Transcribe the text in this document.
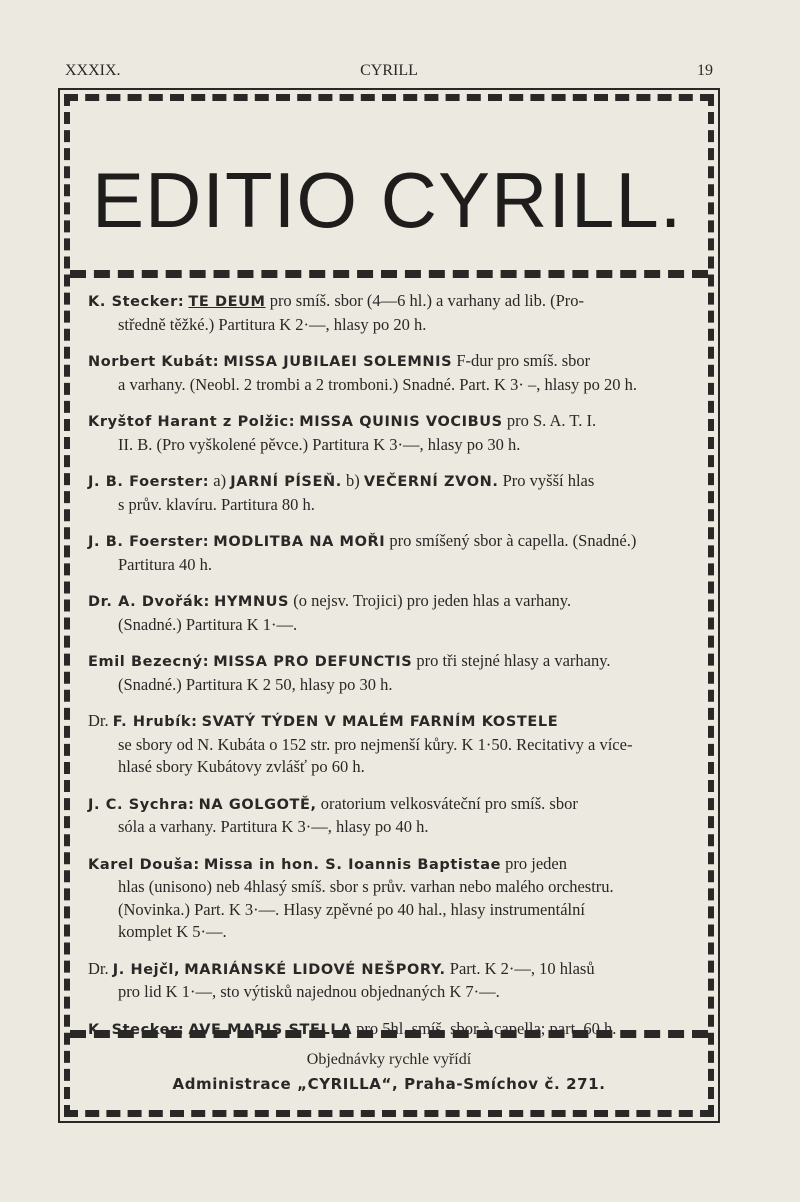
XXXIX.	CYRILL	19
EDITIO CYRILL.

K. Stecker: TE DEUM pro smíš. sbor (4—6 hl.) a varhany ad lib. (Pro-

středně těžké.) Partitura K 2·—, hlasy po 20 h.

Norbert Kubát: MISSA JUBILAEI SOLEMNIS F-dur pro smíš. sbor

a varhany. (Neobl. 2 trombi a 2 tromboni.) Snadné. Part. K 3· –, hlasy po 20 h.

Kryštof Harant z Polžic: MISSA QUINIS VOCIBUS pro S. A. T. I.

II. B. (Pro vyškolené pěvce.) Partitura K 3·—, hlasy po 30 h.

J. B. Foerster: a) JARNÍ PÍSEŇ. b) VEČERNÍ ZVON. Pro vyšší hlas

s prův. klavíru. Partitura 80 h.

J. B. Foerster: MODLITBA NA MOŘI pro smíšený sbor à capella. (Snadné.)

Partitura 40 h.

Dr. A. Dvořák: HYMNUS (o nejsv. Trojici) pro jeden hlas a varhany.

(Snadné.) Partitura K 1·—.

Emil Bezecný: MISSA PRO DEFUNCTIS pro tři stejné hlasy a varhany.

(Snadné.) Partitura K 2 50, hlasy po 30 h.

Dr. F. Hrubík: SVATÝ TÝDEN V MALÉM FARNÍM KOSTELE

se sbory od N. Kubáta o 152 str. pro nejmenší kůry. K 1·50. Recitativy a více-

hlasé sbory Kubátovy zvlášť po 60 h.

J. C. Sychra: NA GOLGOTĚ, oratorium velkosváteční pro smíš. sbor

sóla a varhany. Partitura K 3·—, hlasy po 40 h.

Karel Douša: Missa in hon. S. Ioannis Baptistae pro jeden

hlas (unisono) neb 4hlasý smíš. sbor s prův. varhan nebo malého orchestru.

(Novinka.) Part. K 3·—. Hlasy zpěvné po 40 hal., hlasy instrumentální

komplet K 5·—.

Dr. J. Hejčl, MARIÁNSKÉ LIDOVÉ NEŠPORY. Part. K 2·—, 10 hlasů

pro lid K 1·—, sto výtisků najednou objednaných K 7·—.

K. Stecker: AVE MARIS STELLA pro 5hl. smíš. sbor à capella; part. 60 h.

Objednávky rychle vyřídí
Administrace „CYRILLA“, Praha-Smíchov č. 271.
